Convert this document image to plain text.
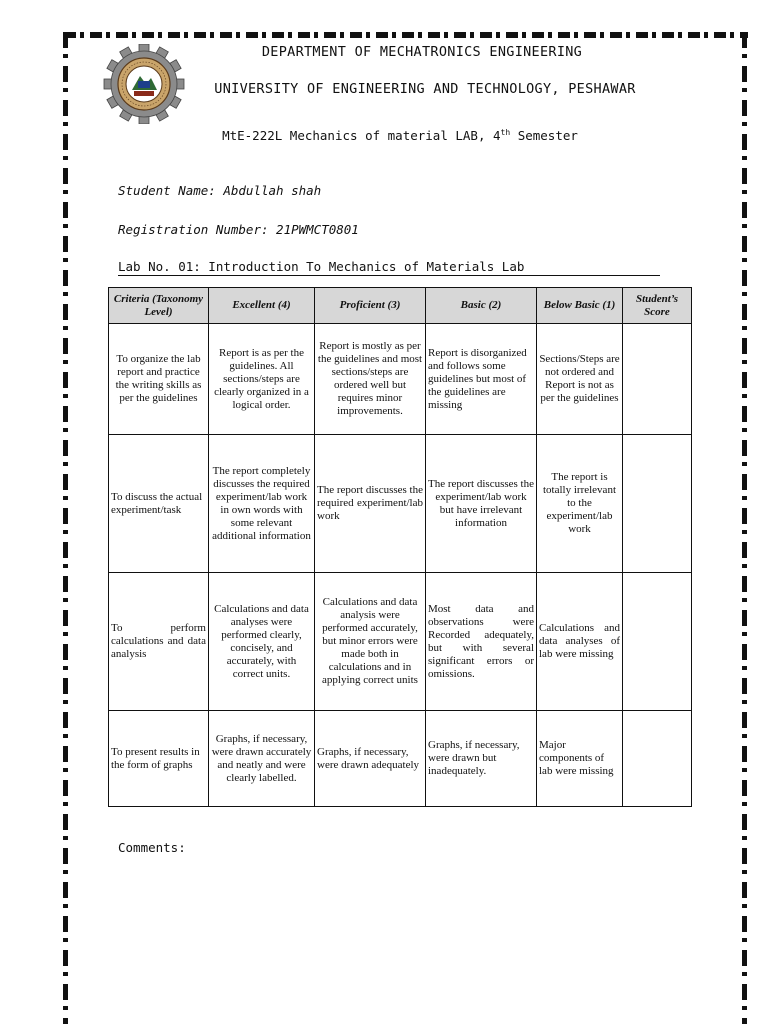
DEPARTMENT OF MECHATRONICS ENGINEERING
UNIVERSITY OF ENGINEERING AND TECHNOLOGY, PESHAWAR
MtE-222L Mechanics of material LAB, 4th Semester
Student Name: Abdullah shah
Registration Number: 21PWMCT0801
Lab No. 01: Introduction To Mechanics of Materials Lab
Criteria (Taxonomy Level)	Excellent (4)	Proficient (3)	Basic (2)	Below Basic (1)	Student’s Score
To organize the lab report and practice the writing skills as per the guidelines	Report is as per the guidelines. All sections/steps are clearly organized in a logical order.	Report is mostly as per the guidelines and most sections/steps are ordered well but requires minor improvements.	Report is disorganized and follows some guidelines but most of the guidelines are missing	Sections/Steps are not ordered and Report is not as per the guidelines	
To discuss the actual experiment/task	The report completely discusses the required experiment/lab work in own words with some relevant additional information	The report discusses the required experiment/lab work	The report discusses the experiment/lab work but have irrelevant information	The report is totally irrelevant to the experiment/lab work	
To perform calculations and data analysis	Calculations and data analyses were performed clearly, concisely, and accurately, with correct units.	Calculations and data analysis were performed accurately, but minor errors were made both in calculations and in applying correct units	Most data and observations were Recorded adequately, but with several significant errors or omissions.	Calculations and data analyses of lab were missing	
To present results in the form of graphs	Graphs, if necessary, were drawn accurately and neatly and were clearly labelled.	Graphs, if necessary, were drawn adequately	Graphs, if necessary, were drawn but inadequately.	Major components of lab were missing	
Comments:
